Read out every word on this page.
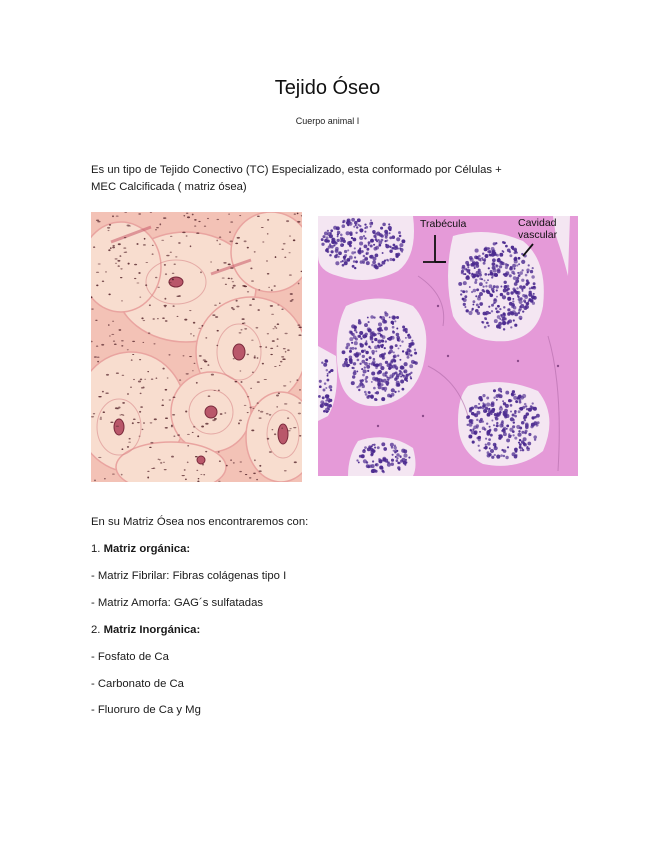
Tejido Óseo
Cuerpo animal I
Es un tipo de Tejido Conectivo (TC) Especializado, esta conformado por Células +
MEC Calcificada ( matriz ósea)
Trabécula	Cavidad
vascular
En su Matriz Ósea nos encontraremos con:
1. Matriz orgánica:
- Matriz Fibrilar: Fibras colágenas tipo I
- Matriz Amorfa: GAG´s sulfatadas
2. Matriz Inorgánica:
- Fosfato de Ca
- Carbonato de Ca
- Fluoruro de Ca y Mg
